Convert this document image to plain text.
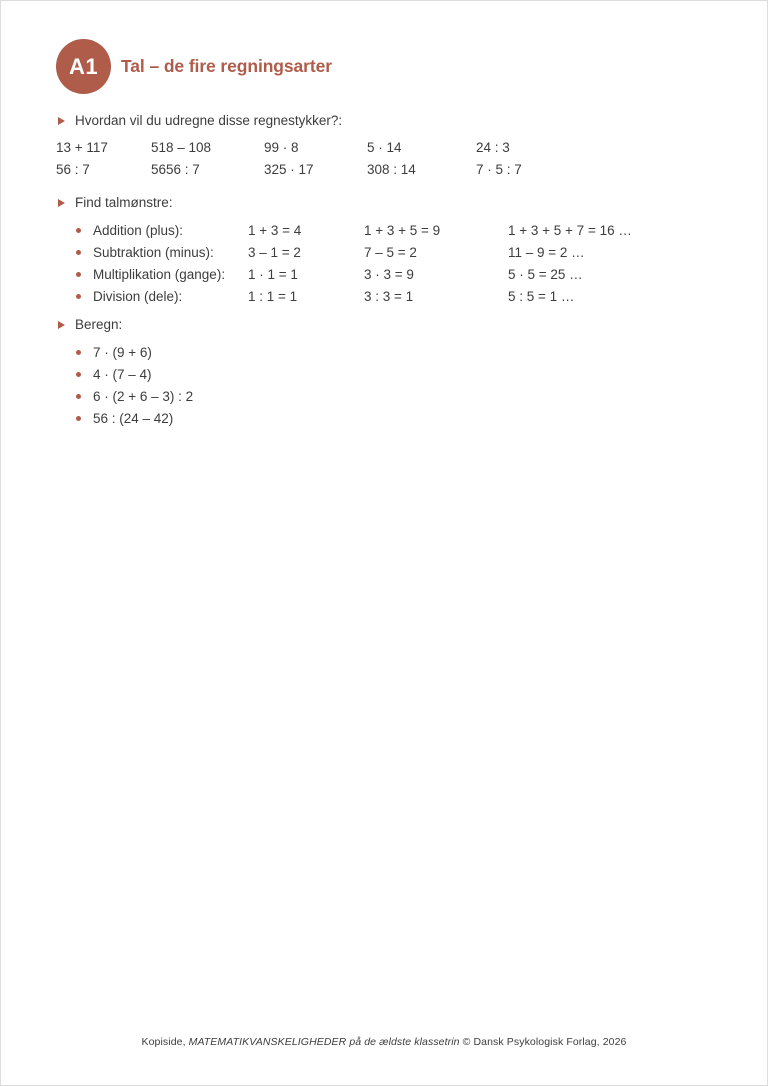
A1	Tal – de fire regningsarter
Hvordan vil du udregne disse regnestykker?:
13 + 117	518 – 108	99 · 8	5 · 14	24 : 3
56 : 7	5656 : 7	325 · 17	308 : 14	7 · 5 : 7
Find talmønstre:
Addition (plus):	1 + 3 = 4	1 + 3 + 5 = 9	1 + 3 + 5 + 7 = 16 …
Subtraktion (minus):	3 – 1 = 2	7 – 5 = 2	11 – 9 = 2 …
Multiplikation (gange):	1 · 1 = 1	3 · 3 = 9	5 · 5 = 25 …
Division (dele):	1 : 1 = 1	3 : 3 = 1	5 : 5 = 1 …
Beregn:
7 · (9 + 6)
4 · (7 – 4)
6 · (2 + 6 – 3) : 2
56 : (24 – 42)
Kopiside, MATEMATIKVANSKELIGHEDER på de ældste klassetrin © Dansk Psykologisk Forlag, 2026
